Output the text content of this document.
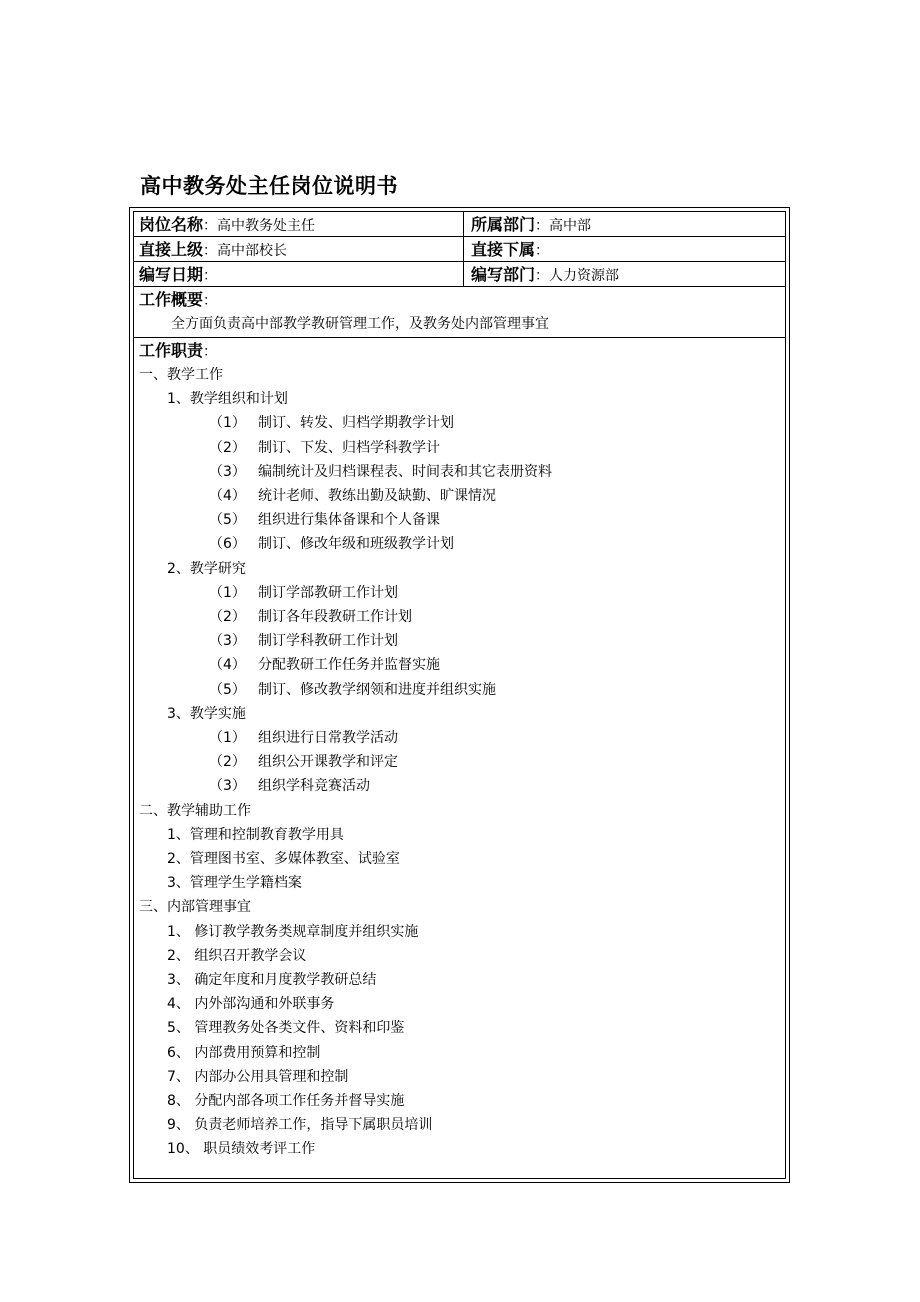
高中教务处主任岗位说明书
岗位名称：高中教务处主任	所属部门：高中部
直接上级：高中部校长	直接下属：
编写日期：	编写部门：人力资源部
工作概要：
全方面负责高中部教学教研管理工作，及教务处内部管理事宜
工作职责：
一、教学工作
1、教学组织和计划
（1） 制订、转发、归档学期教学计划
（2） 制订、下发、归档学科教学计
（3） 编制统计及归档课程表、时间表和其它表册资料
（4） 统计老师、教练出勤及缺勤、旷课情况
（5） 组织进行集体备课和个人备课
（6） 制订、修改年级和班级教学计划
2、教学研究
（1） 制订学部教研工作计划
（2） 制订各年段教研工作计划
（3） 制订学科教研工作计划
（4） 分配教研工作任务并监督实施
（5） 制订、修改教学纲领和进度并组织实施
3、教学实施
（1） 组织进行日常教学活动
（2） 组织公开课教学和评定
（3） 组织学科竞赛活动
二、教学辅助工作
1、管理和控制教育教学用具
2、管理图书室、多媒体教室、试验室
3、管理学生学籍档案
三、内部管理事宜
1、 修订教学教务类规章制度并组织实施
2、 组织召开教学会议
3、 确定年度和月度教学教研总结
4、 内外部沟通和外联事务
5、 管理教务处各类文件、资料和印鉴
6、 内部费用预算和控制
7、 内部办公用具管理和控制
8、 分配内部各项工作任务并督导实施
9、 负责老师培养工作，指导下属职员培训
10、 职员绩效考评工作
